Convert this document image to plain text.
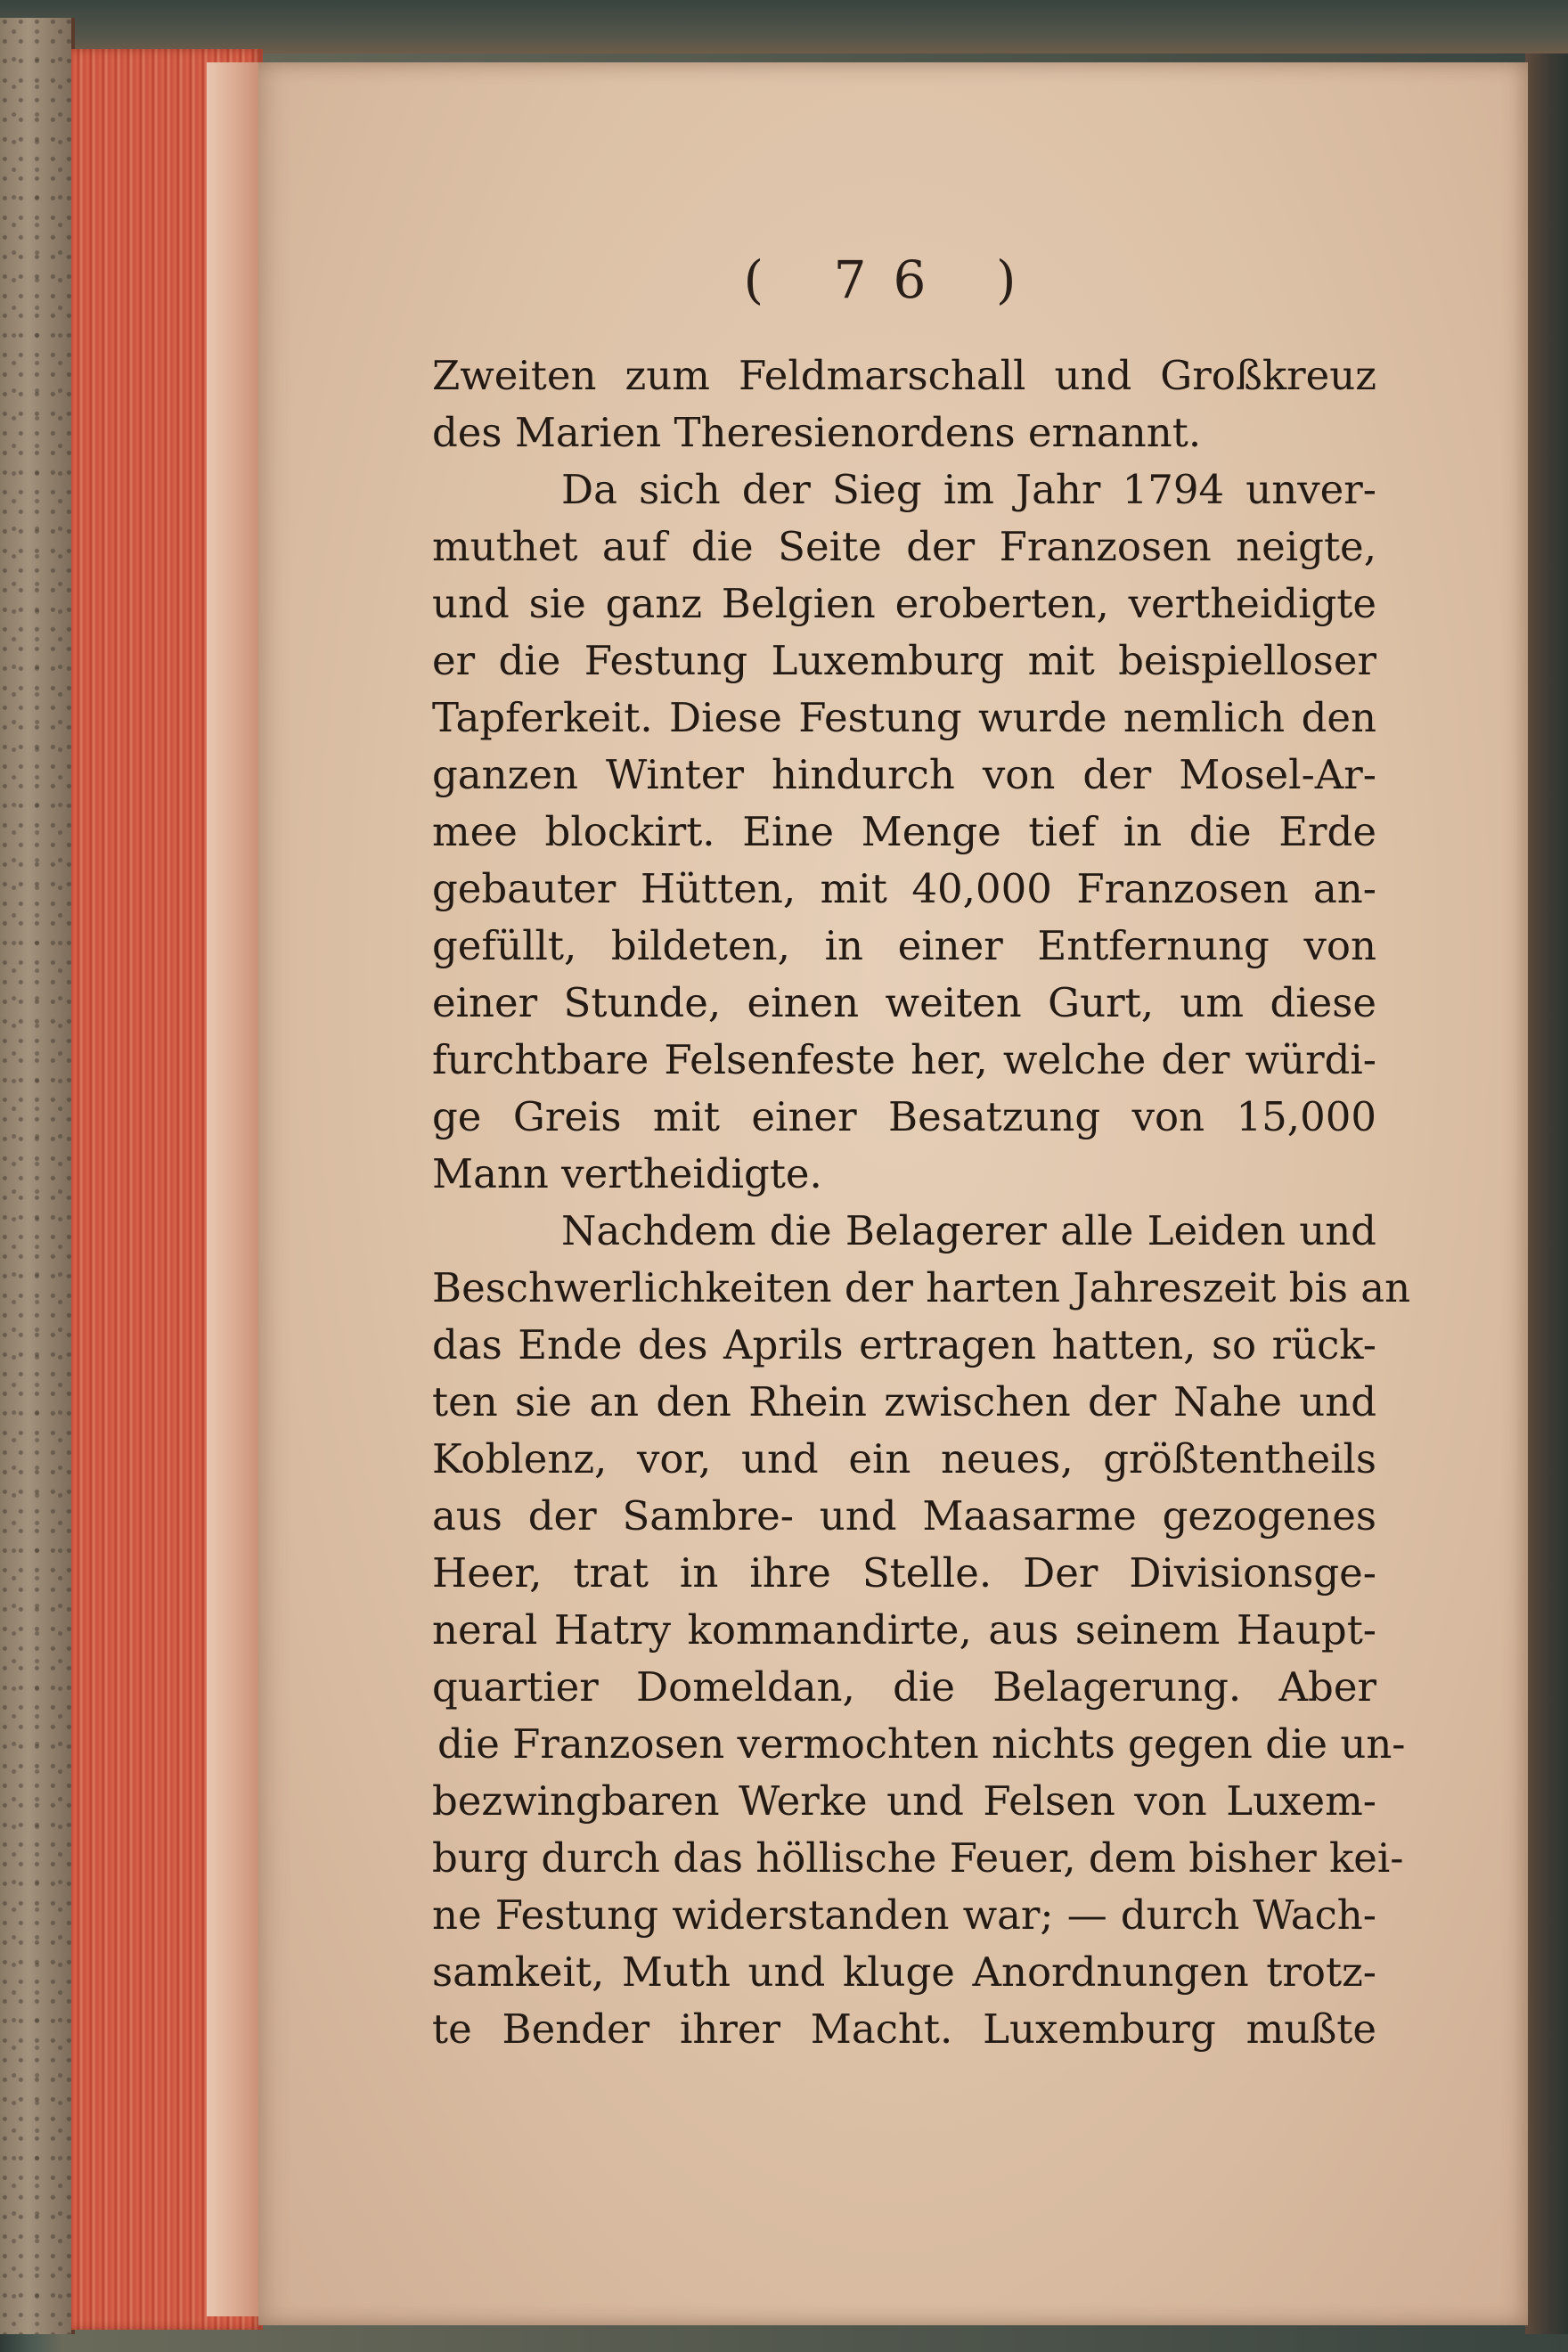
( 76 )
Zweiten zum Feldmarschall und Großkreuz
des Marien Theresienordens ernannt.
Da sich der Sieg im Jahr 1794 unver-
muthet auf die Seite der Franzosen neigte,
und sie ganz Belgien eroberten, vertheidigte
er die Festung Luxemburg mit beispielloser
Tapferkeit. Diese Festung wurde nemlich den
ganzen Winter hindurch von der Mosel-Ar-
mee blockirt. Eine Menge tief in die Erde
gebauter Hütten, mit 40,000 Franzosen an-
gefüllt, bildeten, in einer Entfernung von
einer Stunde, einen weiten Gurt, um diese
furchtbare Felsenfeste her, welche der würdi-
ge Greis mit einer Besatzung von 15,000
Mann vertheidigte.
Nachdem die Belagerer alle Leiden und
Beschwerlichkeiten der harten Jahreszeit bis an
das Ende des Aprils ertragen hatten, so rück-
ten sie an den Rhein zwischen der Nahe und
Koblenz, vor, und ein neues, größtentheils
aus der Sambre- und Maasarme gezogenes
Heer, trat in ihre Stelle. Der Divisionsge-
neral Hatry kommandirte, aus seinem Haupt-
quartier Domeldan, die Belagerung. Aber
die Franzosen vermochten nichts gegen die un-
bezwingbaren Werke und Felsen von Luxem-
burg durch das höllische Feuer, dem bisher kei-
ne Festung widerstanden war; — durch Wach-
samkeit, Muth und kluge Anordnungen trotz-
te Bender ihrer Macht. Luxemburg mußte
